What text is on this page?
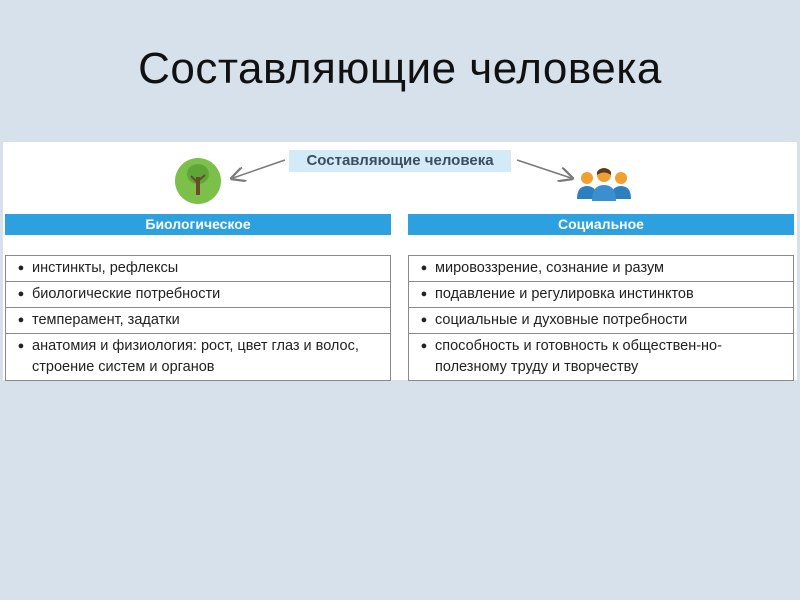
Составляющие человека
Составляющие человека
Биологическое	Социальное
● инстинкты, рефлексы
● биологические потребности
● темперамент, задатки
● анатомия и физиология: рост, цвет глаз и волос, строение систем и органов
● мировоззрение, сознание и разум
● подавление и регулировка инстинктов
● социальные и духовные потребности
● способность и готовность к обществен-но-полезному труду и творчеству
